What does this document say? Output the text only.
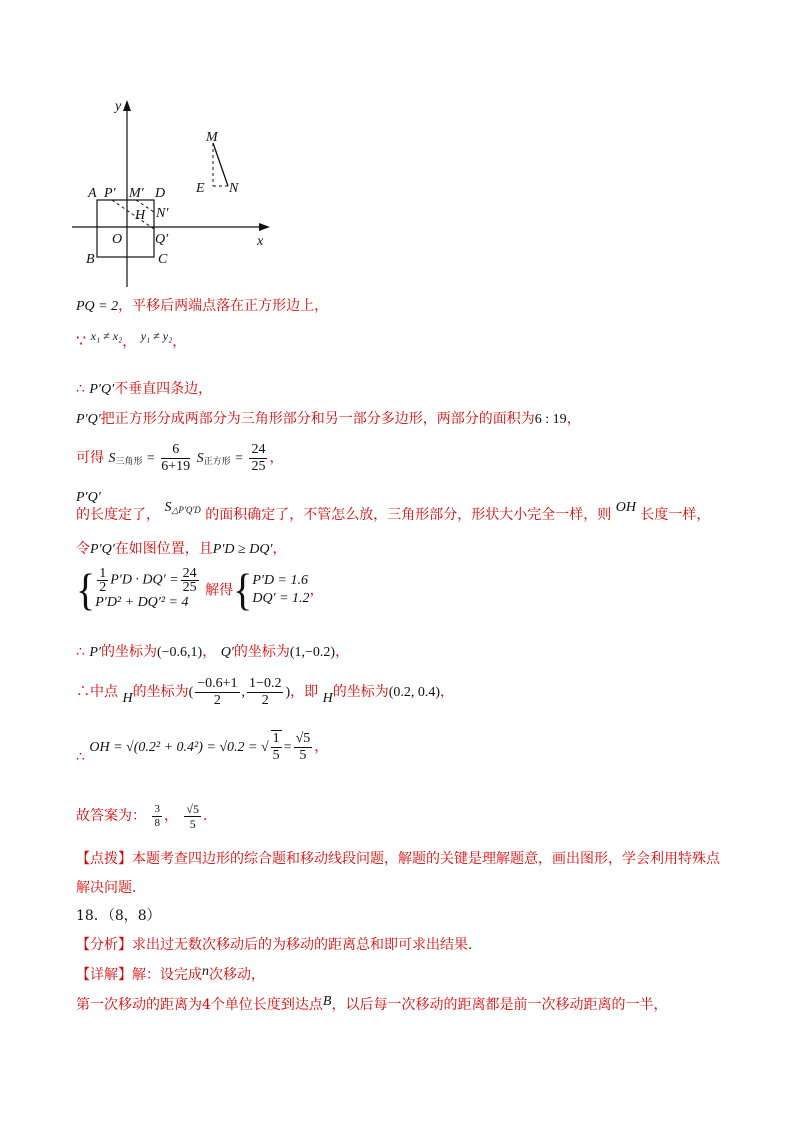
y
x
M
E N
A P′ M′ D
H N′
O Q′
B	C
PQ = 2，平移后两端点落在正方形边上，
∵ x₁ ≠ x₂， y₁ ≠ y₂，
∴ P′Q′不垂直四条边，
P′Q′把正方形分成两部分为三角形部分和另一部分多边形，两部分的面积为6 : 19，
可得 $S_{三角形} = \frac{6}{6+19} S_{正方形} = \frac{24}{25}$ ，
P′Q′
的长度定了， $S_{\triangle P'Q'D}$ 的面积确定了，不管怎么放，三角形部分，形状大小完全一样，则 OH 长度一样，
令P′Q′在如图位置，且P′D ≥ DQ′，
{ $\frac{1}{2} P'D \cdot DQ' = \frac{24}{25}$
P′D² + DQ′² = 4
解得{ P′D = 1.6
DQ′ = 1.2 ，
∴ P′的坐标为(−0.6,1)， Q′的坐标为(1,−0.2)，
∴中点 H的坐标为( $\frac{-0.6+1}{2}$ , $\frac{1-0.2}{2}$ )，即 H的坐标为(0.2, 0.4)，
∴ OH = √(0.2² + 0.4²) = √0.2 = √ $\frac{1}{5} = \frac{√5}{5}$ ，
故答案为： $\frac{3}{8}$ ， $\frac{√5}{5}$ ．
【点拨】本题考查四边形的综合题和移动线段问题，解题的关键是理解题意，画出图形，学会利用特殊点
解决问题．
18．（8，8）
【分析】求出过无数次移动后的为移动的距离总和即可求出结果．
【详解】解：设完成n次移动，
第一次移动的距离为4个单位长度到达点B，以后每一次移动的距离都是前一次移动距离的一半，
